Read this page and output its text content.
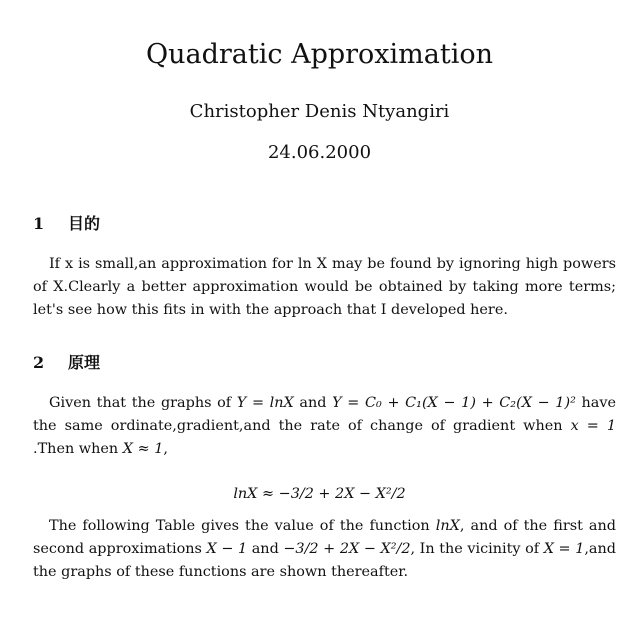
Quadratic Approximation
Christopher Denis Ntyangiri
24.06.2000
1 目的

If x is small,an approximation for ln X may be found by ignoring high powers of X.Clearly a better approximation would be obtained by taking more terms; let's see how this fits in with the approach that I developed here.

2 原理

Given that the graphs of Y = lnX and Y = C₀ + C₁(X − 1) + C₂(X − 1)² have the same ordinate,gradient,and the rate of change of gradient when x = 1 .Then when X ≈ 1,

lnX ≈ −3/2 + 2X − X²/2

The following Table gives the value of the function lnX, and of the first and second approximations X − 1 and −3/2 + 2X − X²/2, In the vicinity of X = 1,and the graphs of these functions are shown thereafter.
